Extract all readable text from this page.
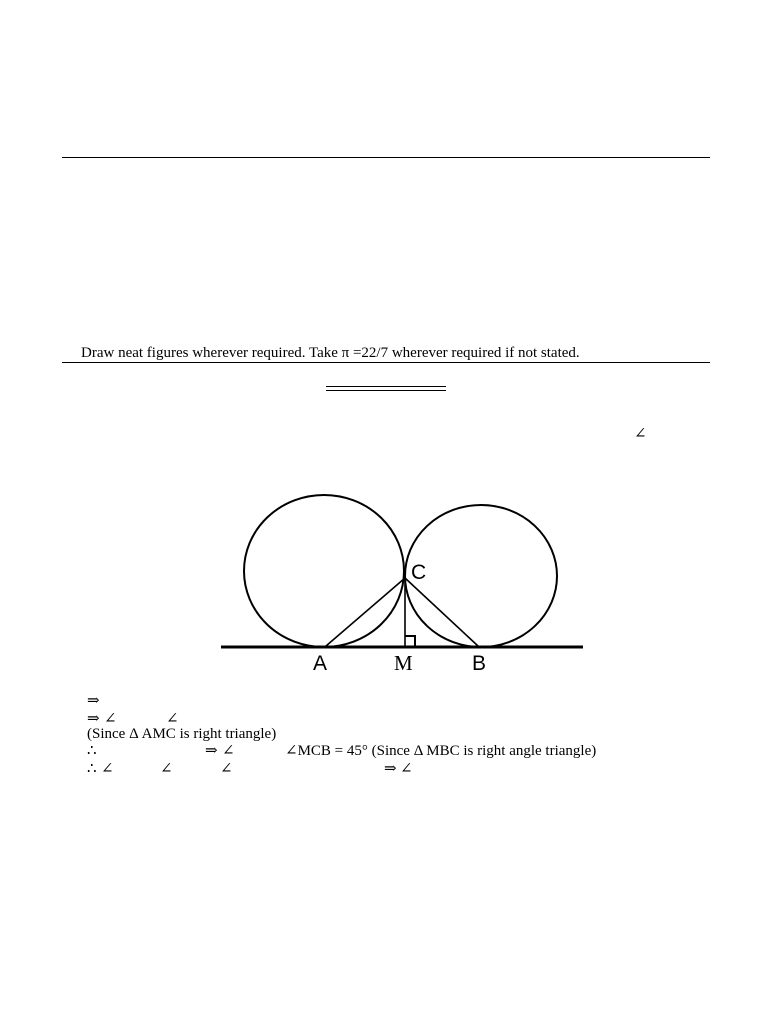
Draw neat figures wherever required. Take π =22/7 wherever required if not stated.
∠
A	M	B
C
⇒
⇒ ∠	∠
(Since Δ AMC is right triangle)
∴	⇒ ∠	∠MCB = 45° (Since Δ MBC is right angle triangle)
∴ ∠	∠	∠	⇒ ∠
